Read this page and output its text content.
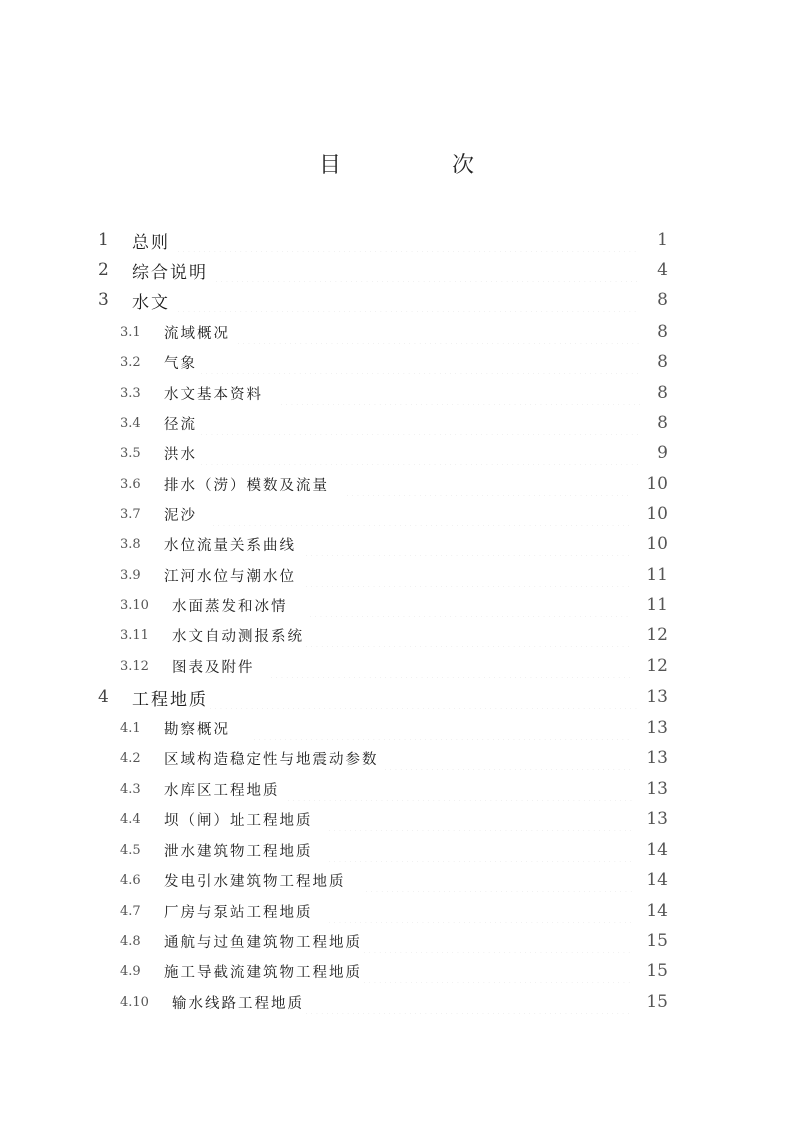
目 次
1	总则	1
2	综合说明	4
3	水文	8
3.1	流域概况	8
3.2	气象	8
3.3	水文基本资料	8
3.4	径流	8
3.5	洪水	9
3.6	排水（涝）模数及流量	10
3.7	泥沙	10
3.8	水位流量关系曲线	10
3.9	江河水位与潮水位	11
3.10	水面蒸发和冰情	11
3.11	水文自动测报系统	12
3.12	图表及附件	12
4	工程地质	13
4.1	勘察概况	13
4.2	区域构造稳定性与地震动参数	13
4.3	水库区工程地质	13
4.4	坝（闸）址工程地质	13
4.5	泄水建筑物工程地质	14
4.6	发电引水建筑物工程地质	14
4.7	厂房与泵站工程地质	14
4.8	通航与过鱼建筑物工程地质	15
4.9	施工导截流建筑物工程地质	15
4.10	输水线路工程地质	15
